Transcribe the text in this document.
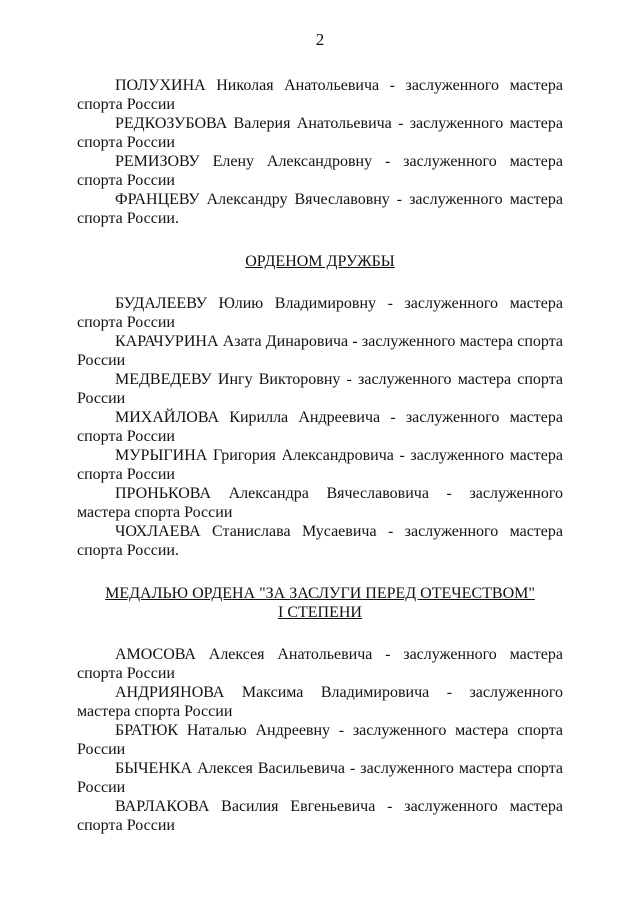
2

ПОЛУХИНА Николая Анатольевича - заслуженного мастера спорта России

РЕДКОЗУБОВА Валерия Анатольевича - заслуженного мастера спорта России

РЕМИЗОВУ Елену Александровну - заслуженного мастера спорта России

ФРАНЦЕВУ Александру Вячеславовну - заслуженного мастера спорта России.

ОРДЕНОМ ДРУЖБЫ

БУДАЛЕЕВУ Юлию Владимировну - заслуженного мастера спорта России

КАРАЧУРИНА Азата Динаровича - заслуженного мастера спорта России

МЕДВЕДЕВУ Ингу Викторовну - заслуженного мастера спорта России

МИХАЙЛОВА Кирилла Андреевича - заслуженного мастера спорта России

МУРЫГИНА Григория Александровича - заслуженного мастера спорта России

ПРОНЬКОВА Александра Вячеславовича - заслуженного мастера спорта России

ЧОХЛАЕВА Станислава Мусаевича - заслуженного мастера спорта России.

МЕДАЛЬЮ ОРДЕНА "ЗА ЗАСЛУГИ ПЕРЕД ОТЕЧЕСТВОМ"
I СТЕПЕНИ

АМОСОВА Алексея Анатольевича - заслуженного мастера спорта России

АНДРИЯНОВА Максима Владимировича - заслуженного мастера спорта России

БРАТЮК Наталью Андреевну - заслуженного мастера спорта России

БЫЧЕНКА Алексея Васильевича - заслуженного мастера спорта России

ВАРЛАКОВА Василия Евгеньевича - заслуженного мастера спорта России
